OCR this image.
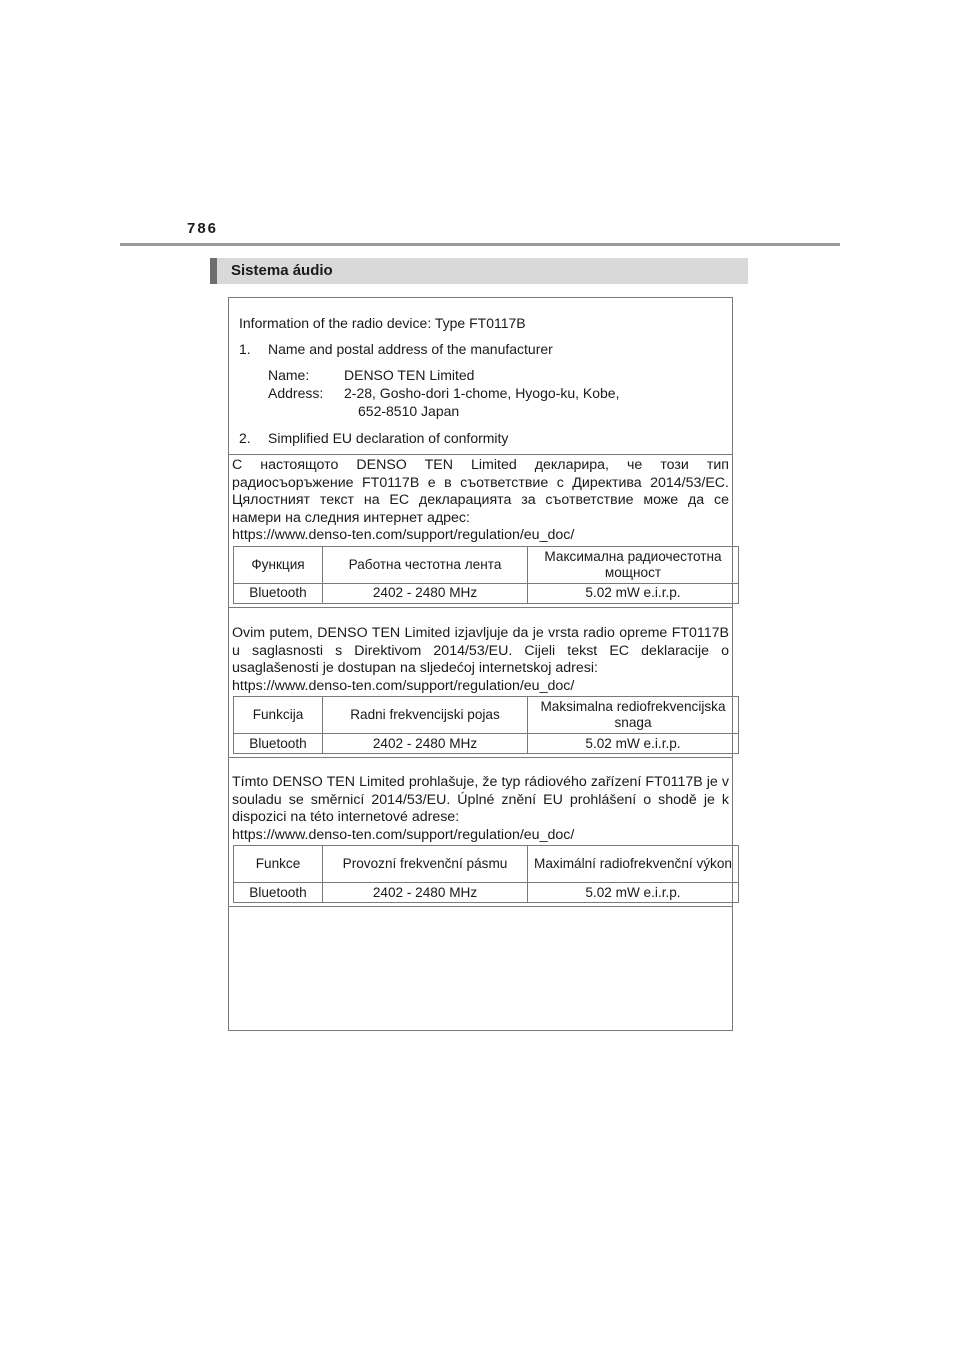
786
Sistema áudio
Information of the radio device: Type FT0117B
1. Name and postal address of the manufacturer
Name: DENSO TEN Limited
Address: 2-28, Gosho-dori 1-chome, Hyogo-ku, Kobe,
652-8510 Japan
2. Simplified EU declaration of conformity

С настоящото DENSO TEN Limited декларира, че този тип радиосъоръжение FT0117B е в съответствие с Директива 2014/53/EC. Цялостният текст на ЕС декларацията за съответствие може да се намери на следния интернет адрес:
https://www.denso-ten.com/support/regulation/eu_doc/

Функция	Работна честотна лента	Максимална радиочестотна мощност
Bluetooth	2402 - 2480 MHz	5.02 mW e.i.r.p.

Ovim putem, DENSO TEN Limited izjavljuje da je vrsta radio opreme FT0117B u saglasnosti s Direktivom 2014/53/EU. Cijeli tekst EC deklaracije o usaglašenosti je dostupan na sljedećoj internetskoj adresi:
https://www.denso-ten.com/support/regulation/eu_doc/

Funkcija	Radni frekvencijski pojas	Maksimalna rediofrekvencijska snaga
Bluetooth	2402 - 2480 MHz	5.02 mW e.i.r.p.

Tímto DENSO TEN Limited prohlašuje, že typ rádiového zařízení FT0117B je v souladu se směrnicí 2014/53/EU. Úplné znění EU prohlášení o shodě je k dispozici na této internetové adrese:
https://www.denso-ten.com/support/regulation/eu_doc/

Funkce	Provozní frekvenční pásmu	Maximální radiofrekvenční výkon
Bluetooth	2402 - 2480 MHz	5.02 mW e.i.r.p.
